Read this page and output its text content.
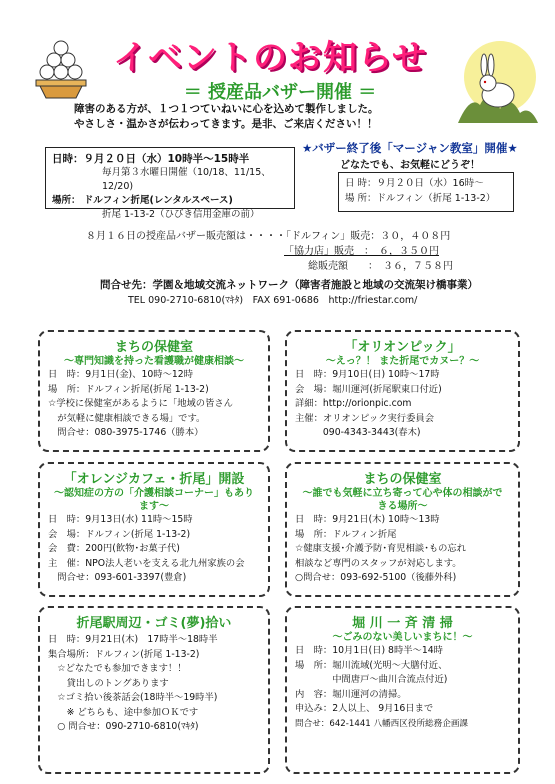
イベントのお知らせ
＝ 授産品バザー開催 ＝
障害のある方が、１つ１つていねいに心を込めて製作しました。
やさしさ・温かさが伝わってきます。是非、ご来店ください！！
日時：９月２０日（水）10時半～15時半
毎月第３水曜日開催（10/18、11/15、12/20)
場所： ドルフィン折尾(レンタルスペース)
折尾 1-13-2（ひびき信用金庫の前）
★バザー終了後「マージャン教室」開催★
どなたでも、お気軽にどうぞ！
日 時：９月２０日（水）16時～
場 所：ドルフィン（折尾 1-13-2）
８月１６日の授産品バザー販売額は・・・・「ドルフィン」販売：３０，４０８円
「協力店」販売　：　６，３５０円
総販売額　　：　３６，７５８円
問合せ先：学園＆地域交流ネットワーク（障害者施設と地域の交流架け橋事業）
TEL 090-2710-6810(ﾏｷﾀ)　FAX 691-0686　http://friestar.com/
まちの保健室
～専門知識を持った看護職が健康相談～
日　時：9月1日(金)、10時～12時
場　所：ドルフィン折尾(折尾 1-13-2)
☆学校に保健室があるように「地域の皆さん
　が気軽に健康相談できる場」です。
　問合せ：080-3975-1746（勝本）
「オリオンピック」
～えっ？！ また折尾でカヌー？～
日　時：9月10日(日) 10時～17時
会　場：堀川運河(折尾駅東口付近)
詳細：http://orionpic.com
主催：オリオンピック実行委員会
　　　090-4343-3443(春木)
「オレンジカフェ・折尾」開設
～認知症の方の「介護相談コーナー」もあります～
日　時：9月13日(水) 11時～15時
会　場：ドルフィン(折尾 1-13-2)
会　費：200円(飲物･お菓子代)
主　催：NPO法人老いを支える北九州家族の会
　問合せ：093-601-3397(豊倉)
まちの保健室
～誰でも気軽に立ち寄って心や体の相談ができる場所～
日　時：9月21日(木) 10時～13時
場　所：ドルフィン折尾
☆健康支援･介護予防･育児相談･もの忘れ
相談など専門のスタッフが対応します。
○問合せ：093-692-5100（後藤外科)
折尾駅周辺・ゴミ(夢)拾い
日　時：9月21日(木)　17時半～18時半
集合場所：ドルフィン(折尾 1-13-2)
　☆どなたでも参加できます！！
　　貸出しのトングあります
　☆ゴミ拾い後茶話会(18時半～19時半)
　　※ どちらも、途中参加ＯＫです
　○ 問合せ：090-2710-6810(ﾏｷﾀ)
堀 川 一 斉 清 掃
～ごみのない美しいまちに！～
日　時：10月1日(日) 8時半～14時
場　所：堀川流域(光明～大膳付近、
　　　　中間唐戸～曲川合流点付近)
内　容：堀川運河の清掃。
申込み：2人以上、 9月16日まで
問合せ：642-1441 八幡西区役所総務企画課
